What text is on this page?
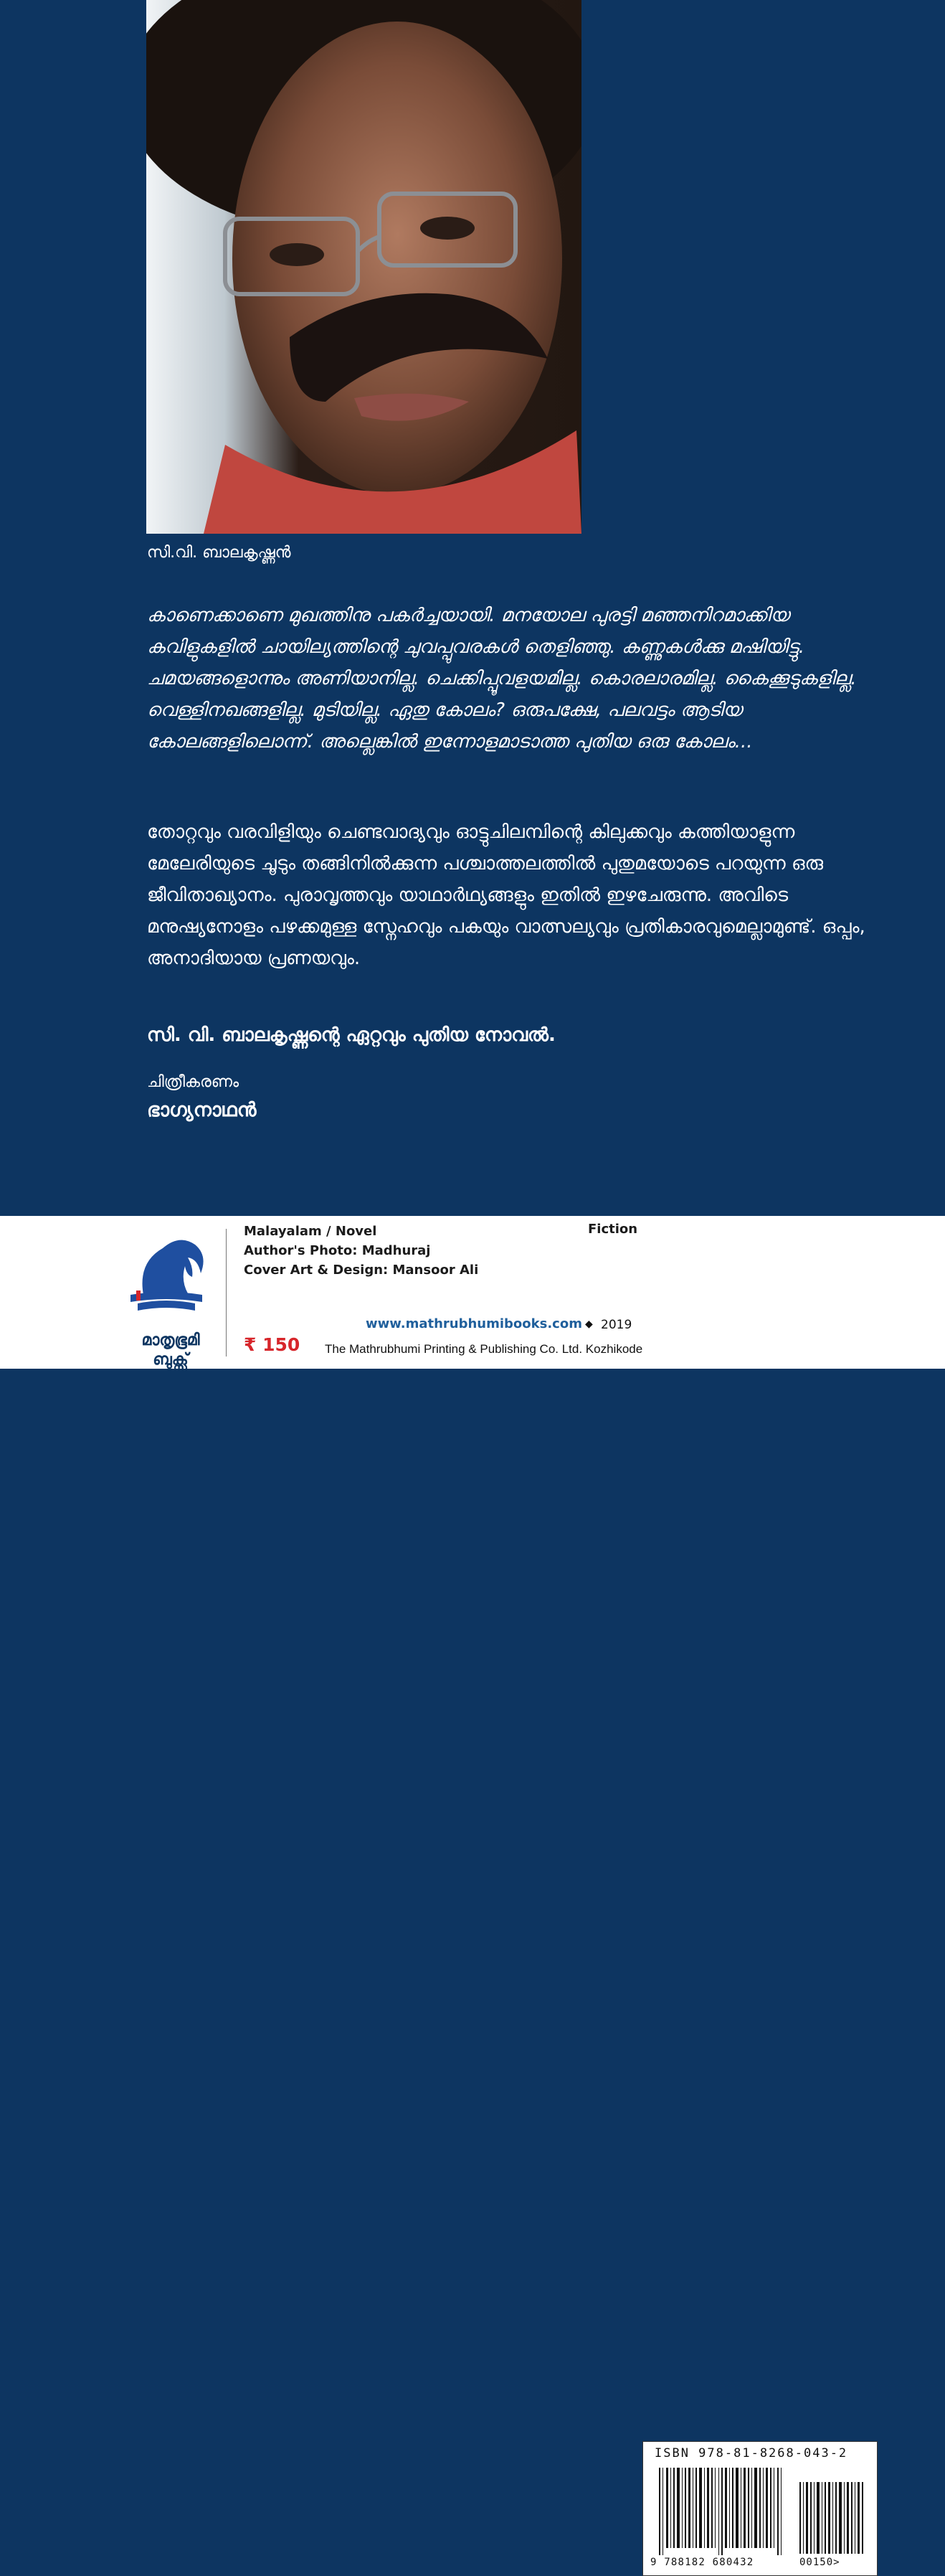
സി.വി. ബാലകൃഷ്ണൻ

കാണെക്കാണെ മുഖത്തിനു പകർച്ചയായി. മനയോല പുരട്ടി മഞ്ഞനിറമാക്കിയ കവിളുകളിൽ ചായില്യത്തിന്റെ ചുവപ്പുവരകൾ തെളിഞ്ഞു. കണ്ണുകൾക്കു മഷിയിട്ടു. ചമയങ്ങളൊന്നും അണിയാനില്ല. ചെക്കിപ്പൂവളയമില്ല. കൊരലാരമില്ല. കൈക്കൂടുകളില്ല. വെള്ളിനഖങ്ങളില്ല. മുടിയില്ല. ഏതു കോലം? ഒരുപക്ഷേ, പലവട്ടം ആടിയ കോലങ്ങളിലൊന്ന്. അല്ലെങ്കിൽ ഇന്നോളമാടാത്ത പുതിയ ഒരു കോലം...

തോറ്റവും വരവിളിയും ചെണ്ടവാദ്യവും ഓട്ടുചിലമ്പിന്റെ കിലുക്കവും കത്തിയാളുന്ന മേലേരിയുടെ ചൂടും തങ്ങിനിൽക്കുന്ന പശ്ചാത്തലത്തിൽ പുതുമയോടെ പറയുന്ന ഒരു ജീവിതാഖ്യാനം. പുരാവൃത്തവും യാഥാർഥ്യങ്ങളും ഇതിൽ ഇഴചേരുന്നു. അവിടെ മനുഷ്യനോളം പഴക്കമുള്ള സ്നേഹവും പകയും വാത്സല്യവും പ്രതികാരവുമെല്ലാമുണ്ട്. ഒപ്പം, അനാദിയായ പ്രണയവും.

സി. വി. ബാലകൃഷ്ണന്റെ ഏറ്റവും പുതിയ നോവൽ.
ചിത്രീകരണം
ഭാഗ്യനാഥൻ
ISBN 978-81-8268-043-2
9 788182 680432	00150>
മാതൃഭൂമി
ബുക്സ്
Malayalam / Novel
Author's Photo: Madhuraj
Cover Art & Design: Mansoor Ali
Fiction
₹ 150
www.mathrubhumibooks.com ◆ 2019
The Mathrubhumi Printing & Publishing Co. Ltd. Kozhikode
